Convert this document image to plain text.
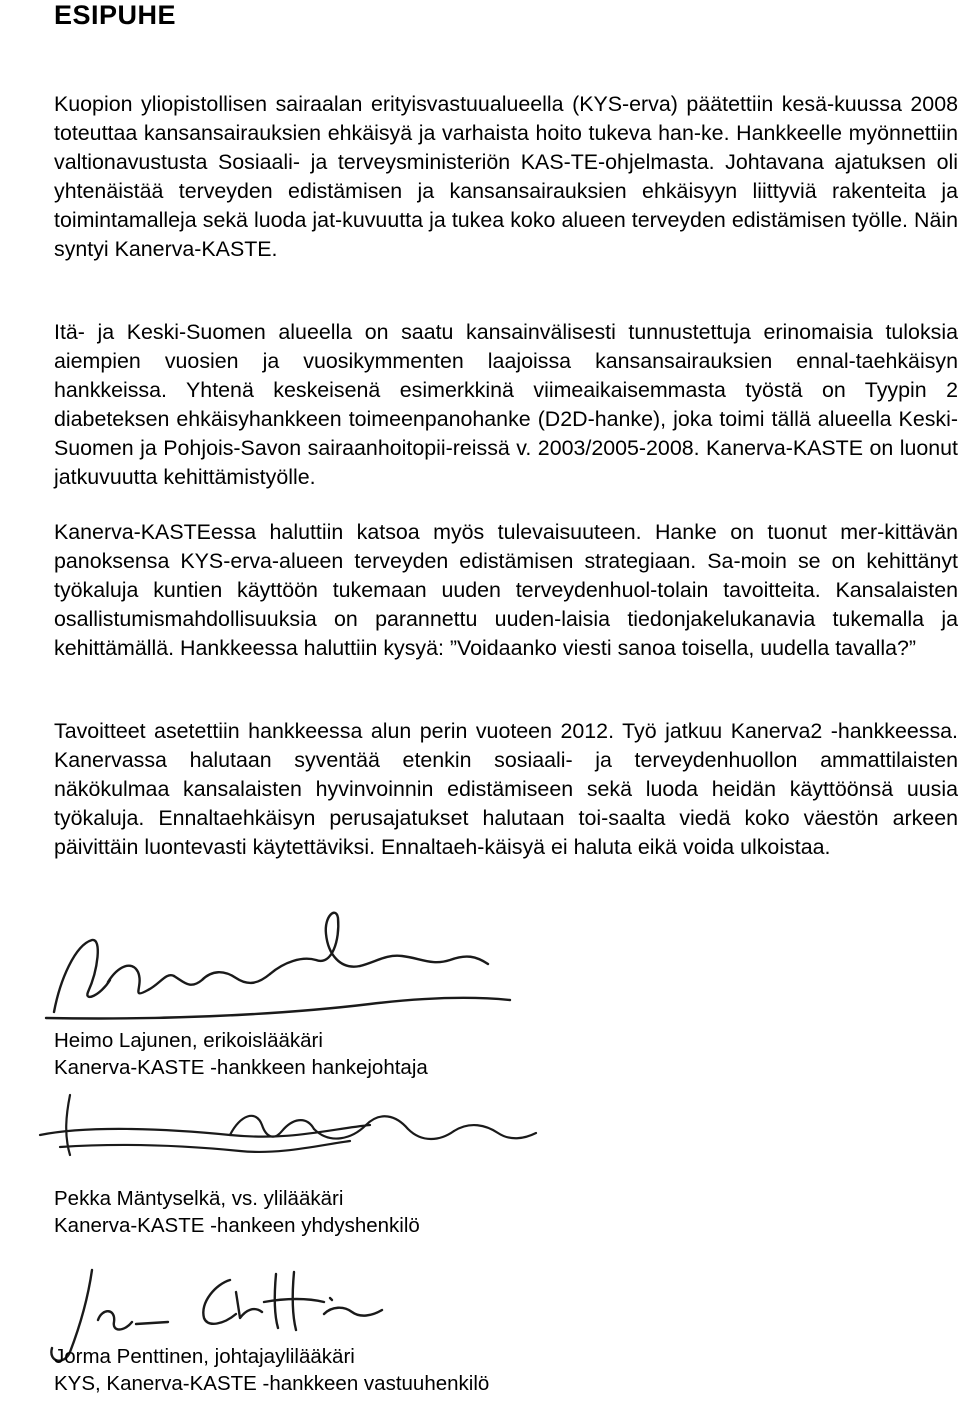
ESIPUHE

Kuopion yliopistollisen sairaalan erityisvastuualueella (KYS-erva) päätettiin kesä-kuussa 2008 toteuttaa kansansairauksien ehkäisyä ja varhaista hoito tukeva han-ke. Hankkeelle myönnettiin valtionavustusta Sosiaali- ja terveysministeriön KAS-TE-ohjelmasta. Johtavana ajatuksen oli yhtenäistää terveyden edistämisen ja kansansairauksien ehkäisyyn liittyviä rakenteita ja toimintamalleja sekä luoda jat-kuvuutta ja tukea koko alueen terveyden edistämisen työlle. Näin syntyi Kanerva-KASTE.

Itä- ja Keski-Suomen alueella on saatu kansainvälisesti tunnustettuja erinomaisia tuloksia aiempien vuosien ja vuosikymmenten laajoissa kansansairauksien ennal-taehkäisyn hankkeissa. Yhtenä keskeisenä esimerkkinä viimeaikaisemmasta työstä on Tyypin 2 diabeteksen ehkäisyhankkeen toimeenpanohanke (D2D-hanke), joka toimi tällä alueella Keski-Suomen ja Pohjois-Savon sairaanhoitopii-reissä v. 2003/2005-2008. Kanerva-KASTE on luonut jatkuvuutta kehittämistyölle.

Kanerva-KASTEessa haluttiin katsoa myös tulevaisuuteen. Hanke on tuonut mer-kittävän panoksensa KYS-erva-alueen terveyden edistämisen strategiaan. Sa-moin se on kehittänyt työkaluja kuntien käyttöön tukemaan uuden terveydenhuol-tolain tavoitteita. Kansalaisten osallistumismahdollisuuksia on parannettu uuden-laisia tiedonjakelukanavia tukemalla ja kehittämällä. Hankkeessa haluttiin kysyä: ”Voidaanko viesti sanoa toisella, uudella tavalla?”

Tavoitteet asetettiin hankkeessa alun perin vuoteen 2012. Työ jatkuu Kanerva2 -hankkeessa. Kanervassa halutaan syventää etenkin sosiaali- ja terveydenhuollon ammattilaisten näkökulmaa kansalaisten hyvinvoinnin edistämiseen sekä luoda heidän käyttöönsä uusia työkaluja. Ennaltaehkäisyn perusajatukset halutaan toi-saalta viedä koko väestön arkeen päivittäin luontevasti käytettäviksi. Ennaltaeh-käisyä ei haluta eikä voida ulkoistaa.

Heimo Lajunen, erikoislääkäri
Kanerva-KASTE -hankkeen hankejohtaja
Pekka Mäntyselkä, vs. ylilääkäri
Kanerva-KASTE -hankeen yhdyshenkilö
Jorma Penttinen, johtajaylilääkäri
KYS, Kanerva-KASTE -hankkeen vastuuhenkilö
